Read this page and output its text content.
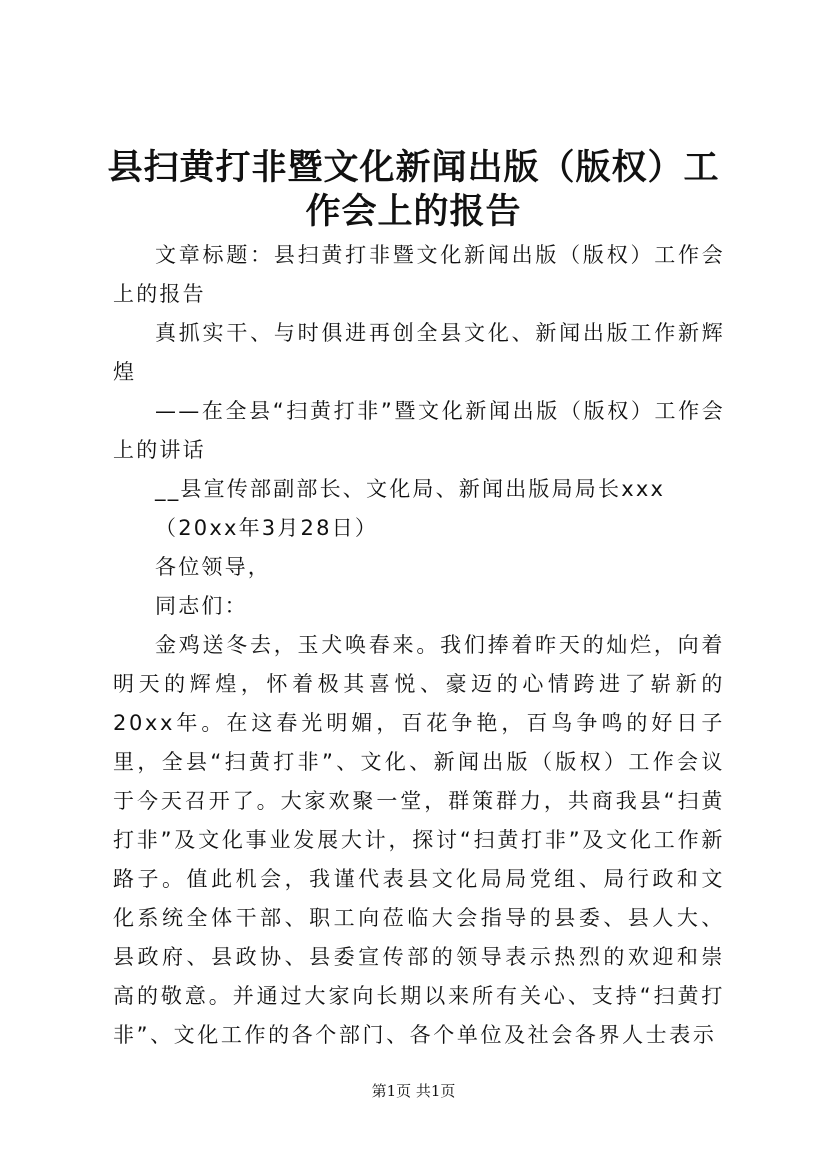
县扫黄打非暨文化新闻出版（版权）工作会上的报告

文章标题：县扫黄打非暨文化新闻出版（版权）工作会上的报告

真抓实干、与时俱进再创全县文化、新闻出版工作新辉煌

——在全县“扫黄打非”暨文化新闻出版（版权）工作会上的讲话

__县宣传部副部长、文化局、新闻出版局局长xxx

（20xx年3月28日）

各位领导，

同志们：

金鸡送冬去，玉犬唤春来。我们捧着昨天的灿烂，向着明天的辉煌，怀着极其喜悦、豪迈的心情跨进了崭新的20xx年。在这春光明媚，百花争艳，百鸟争鸣的好日子里，全县“扫黄打非”、文化、新闻出版（版权）工作会议于今天召开了。大家欢聚一堂，群策群力，共商我县“扫黄打非”及文化事业发展大计，探讨“扫黄打非”及文化工作新路子。值此机会，我谨代表县文化局局党组、局行政和文化系统全体干部、职工向莅临大会指导的县委、县人大、县政府、县政协、县委宣传部的领导表示热烈的欢迎和崇高的敬意。并通过大家向长期以来所有关心、支持“扫黄打非”、文化工作的各个部门、各个单位及社会各界人士表示

第1页 共1页
